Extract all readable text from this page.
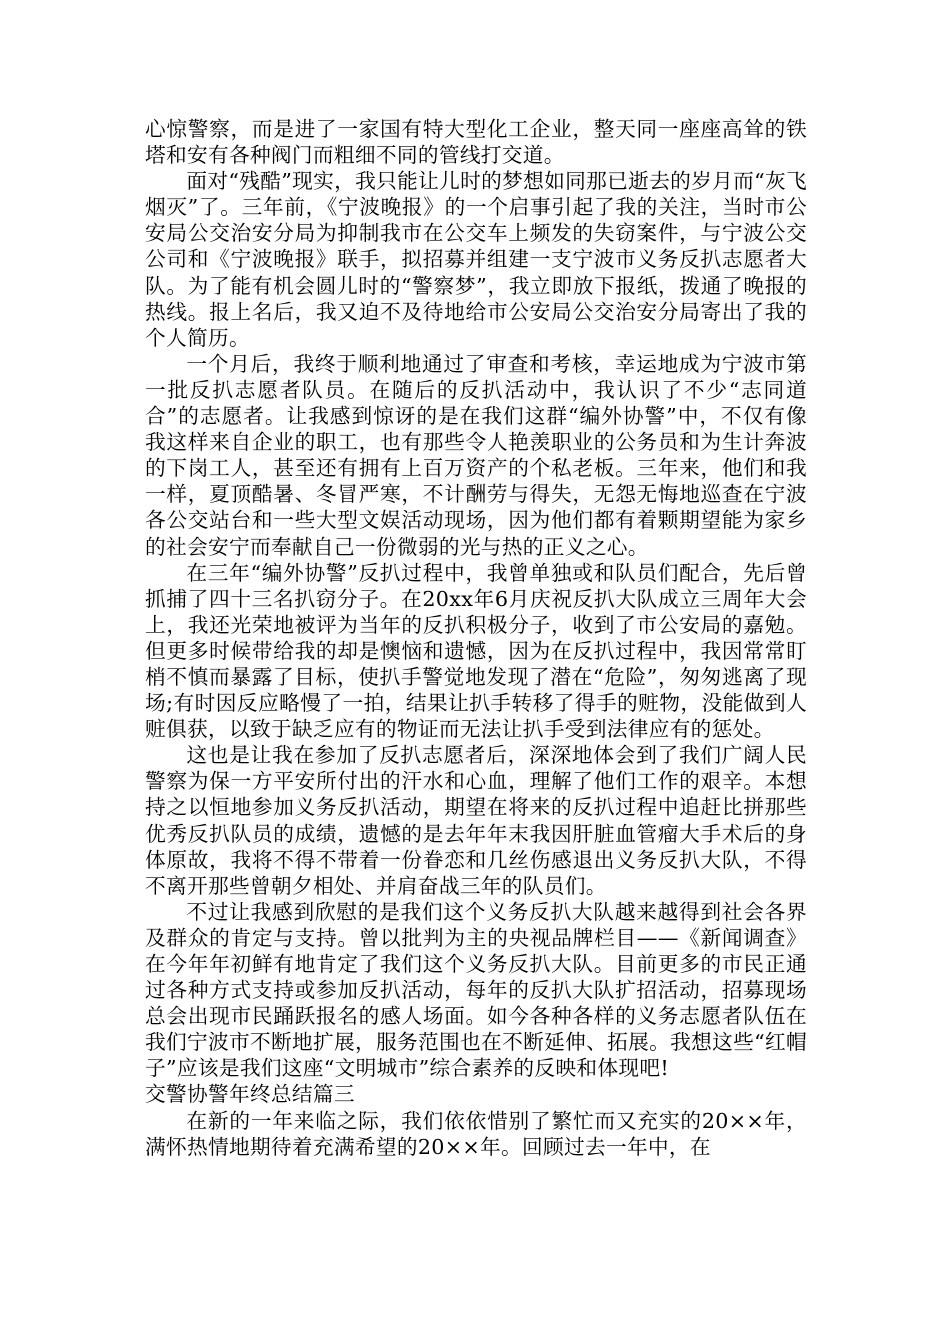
心惊警察，而是进了一家国有特大型化工企业，整天同一座座高耸的铁塔和安有各种阀门而粗细不同的管线打交道。

面对“残酷”现实，我只能让儿时的梦想如同那已逝去的岁月而“灰飞烟灭”了。三年前，《宁波晚报》的一个启事引起了我的关注，当时市公安局公交治安分局为抑制我市在公交车上频发的失窃案件，与宁波公交公司和《宁波晚报》联手，拟招募并组建一支宁波市义务反扒志愿者大队。为了能有机会圆儿时的“警察梦”，我立即放下报纸，拨通了晚报的热线。报上名后，我又迫不及待地给市公安局公交治安分局寄出了我的个人简历。

一个月后，我终于顺利地通过了审查和考核，幸运地成为宁波市第一批反扒志愿者队员。在随后的反扒活动中，我认识了不少“志同道合”的志愿者。让我感到惊讶的是在我们这群“编外协警”中，不仅有像我这样来自企业的职工，也有那些令人艳羡职业的公务员和为生计奔波的下岗工人，甚至还有拥有上百万资产的个私老板。三年来，他们和我一样，夏顶酷暑、冬冒严寒，不计酬劳与得失，无怨无悔地巡查在宁波各公交站台和一些大型文娱活动现场，因为他们都有着颗期望能为家乡的社会安宁而奉献自己一份微弱的光与热的正义之心。

在三年“编外协警”反扒过程中，我曾单独或和队员们配合，先后曾抓捕了四十三名扒窃分子。在20xx年6月庆祝反扒大队成立三周年大会上，我还光荣地被评为当年的反扒积极分子，收到了市公安局的嘉勉。但更多时候带给我的却是懊恼和遗憾，因为在反扒过程中，我因常常盯梢不慎而暴露了目标，使扒手警觉地发现了潜在“危险”，匆匆逃离了现场;有时因反应略慢了一拍，结果让扒手转移了得手的赃物，没能做到人赃俱获，以致于缺乏应有的物证而无法让扒手受到法律应有的惩处。

这也是让我在参加了反扒志愿者后，深深地体会到了我们广阔人民警察为保一方平安所付出的汗水和心血，理解了他们工作的艰辛。本想持之以恒地参加义务反扒活动，期望在将来的反扒过程中追赶比拼那些优秀反扒队员的成绩，遗憾的是去年年末我因肝脏血管瘤大手术后的身体原故，我将不得不带着一份眷恋和几丝伤感退出义务反扒大队，不得不离开那些曾朝夕相处、并肩奋战三年的队员们。

不过让我感到欣慰的是我们这个义务反扒大队越来越得到社会各界及群众的肯定与支持。曾以批判为主的央视品牌栏目——《新闻调查》在今年年初鲜有地肯定了我们这个义务反扒大队。目前更多的市民正通过各种方式支持或参加反扒活动，每年的反扒大队扩招活动，招募现场总会出现市民踊跃报名的感人场面。如今各种各样的义务志愿者队伍在我们宁波市不断地扩展，服务范围也在不断延伸、拓展。我想这些“红帽子”应该是我们这座“文明城市”综合素养的反映和体现吧!

交警协警年终总结篇三

在新的一年来临之际，我们依依惜别了繁忙而又充实的20××年，满怀热情地期待着充满希望的20××年。回顾过去一年中，在
